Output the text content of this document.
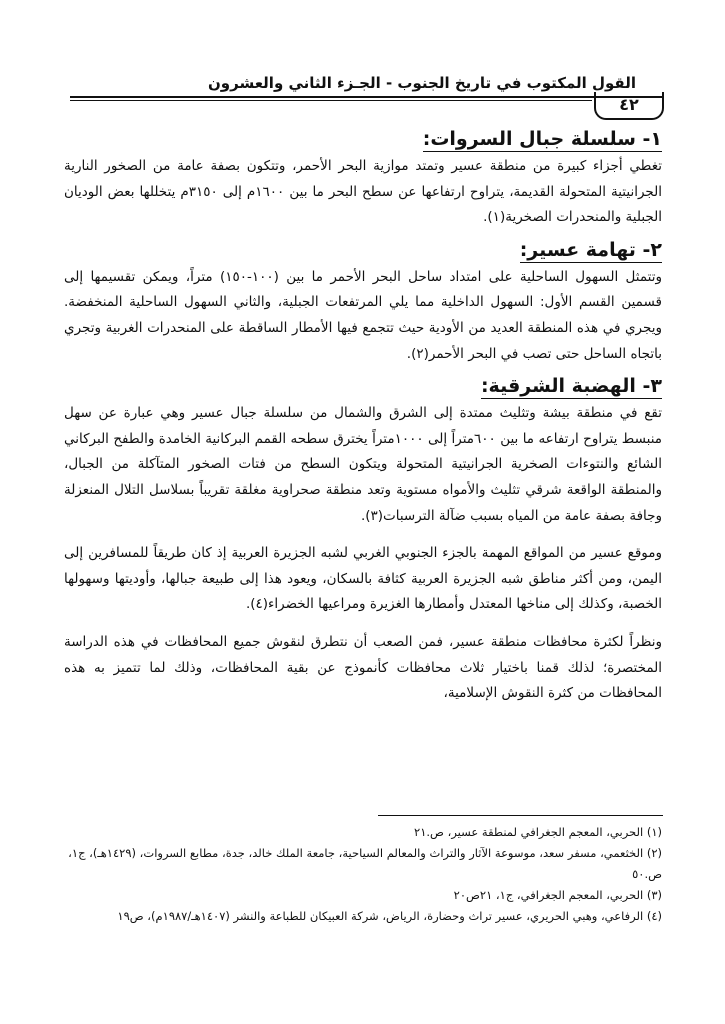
القول المكتوب في تاريخ الجنوب - الجـزء الثاني والعشرون
٤٢
١- سلسلة جبال السروات:

تغطي أجزاء كبيرة من منطقة عسير وتمتد موازية البحر الأحمر، وتتكون بصفة عامة من الصخور النارية الجرانيتية المتحولة القديمة، يتراوح ارتفاعها عن سطح البحر ما بين ١٦٠٠م إلى ٣١٥٠م يتخللها بعض الوديان الجبلية والمنحدرات الصخرية(١).

٢- تهامة عسير:

وتتمثل السهول الساحلية على امتداد ساحل البحر الأحمر ما بين (١٠٠-١٥٠) متراً، ويمكن تقسيمها إلى قسمين القسم الأول: السهول الداخلية مما يلي المرتفعات الجبلية، والثاني السهول الساحلية المنخفضة. ويجري في هذه المنطقة العديد من الأودية حيث تتجمع فيها الأمطار الساقطة على المنحدرات الغربية وتجري باتجاه الساحل حتى تصب في البحر الأحمر(٢).

٣- الهضبة الشرقية:

تقع في منطقة بيشة وتثليث ممتدة إلى الشرق والشمال من سلسلة جبال عسير وهي عبارة عن سهل منبسط يتراوح ارتفاعه ما بين ٦٠٠متراً إلى ١٠٠٠متراً يخترق سطحه القمم البركانية الخامدة والطفح البركاني الشائع والنتوءات الصخرية الجرانيتية المتحولة ويتكون السطح من فتات الصخور المتآكلة من الجبال، والمنطقة الواقعة شرقي تثليث والأمواه مستوية وتعد منطقة صحراوية مغلقة تقريباً بسلاسل التلال المنعزلة وجافة بصفة عامة من المياه بسبب ضآلة الترسبات(٣).

وموقع عسير من المواقع المهمة بالجزء الجنوبي الغربي لشبه الجزيرة العربية إذ كان طريقاً للمسافرين إلى اليمن، ومن أكثر مناطق شبه الجزيرة العربية كثافة بالسكان، ويعود هذا إلى طبيعة جبالها، وأوديتها وسهولها الخصبة، وكذلك إلى مناخها المعتدل وأمطارها الغزيرة ومراعيها الخضراء(٤).

ونظراً لكثرة محافظات منطقة عسير، فمن الصعب أن نتطرق لنقوش جميع المحافظات في هذه الدراسة المختصرة؛ لذلك قمنا باختيار ثلاث محافظات كأنموذج عن بقية المحافظات، وذلك لما تتميز به هذه المحافظات من كثرة النقوش الإسلامية،

(١) الحربي، المعجم الجغرافي لمنطقة عسير، ص.٢١

(٢) الخثعمي، مسفر سعد، موسوعة الآثار والتراث والمعالم السياحية، جامعة الملك خالد، جدة، مطابع السروات، (١٤٢٩هـ)، ج١، ص.٥٠

(٣) الحربي، المعجم الجغرافي، ج١، ٢١ص٢٠

(٤) الرفاعي، وهبي الحريري، عسير تراث وحضارة، الرياض، شركة العبيكان للطباعة والنشر (١٤٠٧هـ/١٩٨٧م)، ص١٩
